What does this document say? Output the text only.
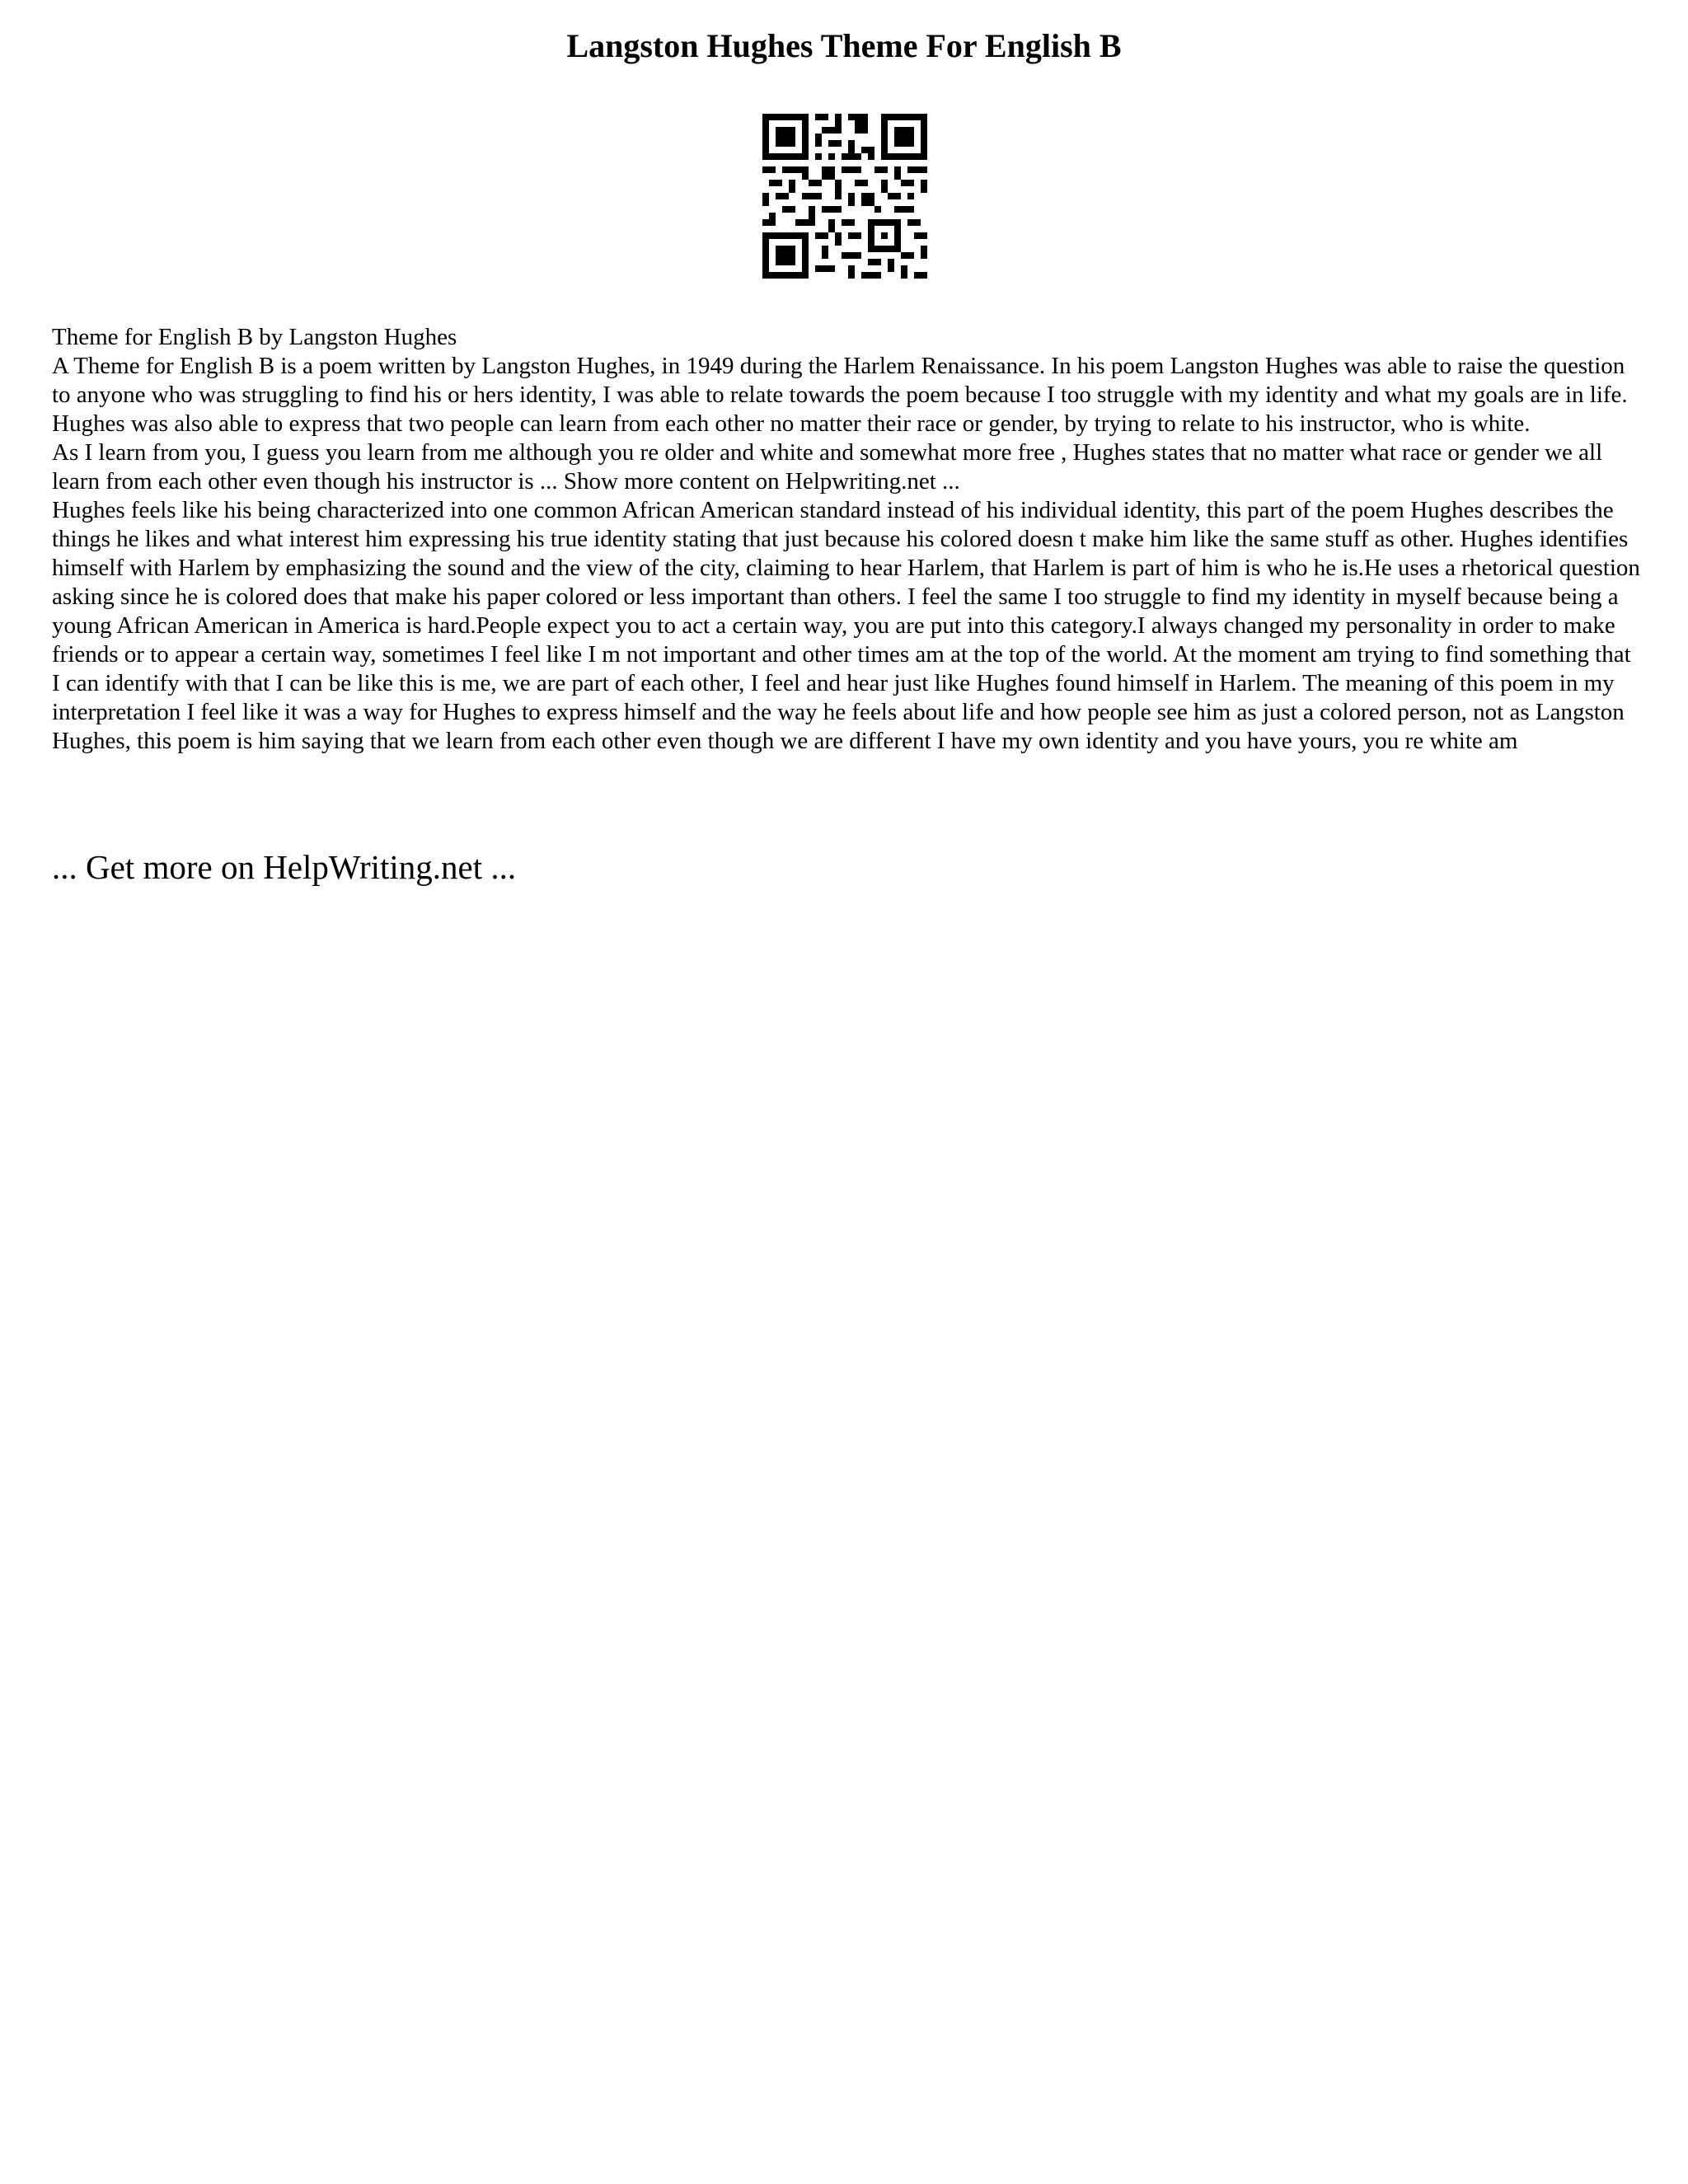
Langston Hughes Theme For English B

Theme for English B by Langston Hughes

A Theme for English B is a poem written by Langston Hughes, in 1949 during the Harlem Renaissance. In his poem Langston Hughes was able to raise the question to anyone who was struggling to find his or hers identity, I was able to relate towards the poem because I too struggle with my identity and what my goals are in life. Hughes was also able to express that two people can learn from each other no matter their race or gender, by trying to relate to his instructor, who is white.

As I learn from you, I guess you learn from me although you re older and white and somewhat more free , Hughes states that no matter what race or gender we all learn from each other even though his instructor is ... Show more content on Helpwriting.net ...

Hughes feels like his being characterized into one common African American standard instead of his individual identity, this part of the poem Hughes describes the things he likes and what interest him expressing his true identity stating that just because his colored doesn t make him like the same stuff as other. Hughes identifies himself with Harlem by emphasizing the sound and the view of the city, claiming to hear Harlem, that Harlem is part of him is who he is.He uses a rhetorical question asking since he is colored does that make his paper colored or less important than others. I feel the same I too struggle to find my identity in myself because being a young African American in America is hard.People expect you to act a certain way, you are put into this category.I always changed my personality in order to make friends or to appear a certain way, sometimes I feel like I m not important and other times am at the top of the world. At the moment am trying to find something that I can identify with that I can be like this is me, we are part of each other, I feel and hear just like Hughes found himself in Harlem. The meaning of this poem in my interpretation I feel like it was a way for Hughes to express himself and the way he feels about life and how people see him as just a colored person, not as Langston Hughes, this poem is him saying that we learn from each other even though we are different I have my own identity and you have yours, you re white am

... Get more on HelpWriting.net ...
